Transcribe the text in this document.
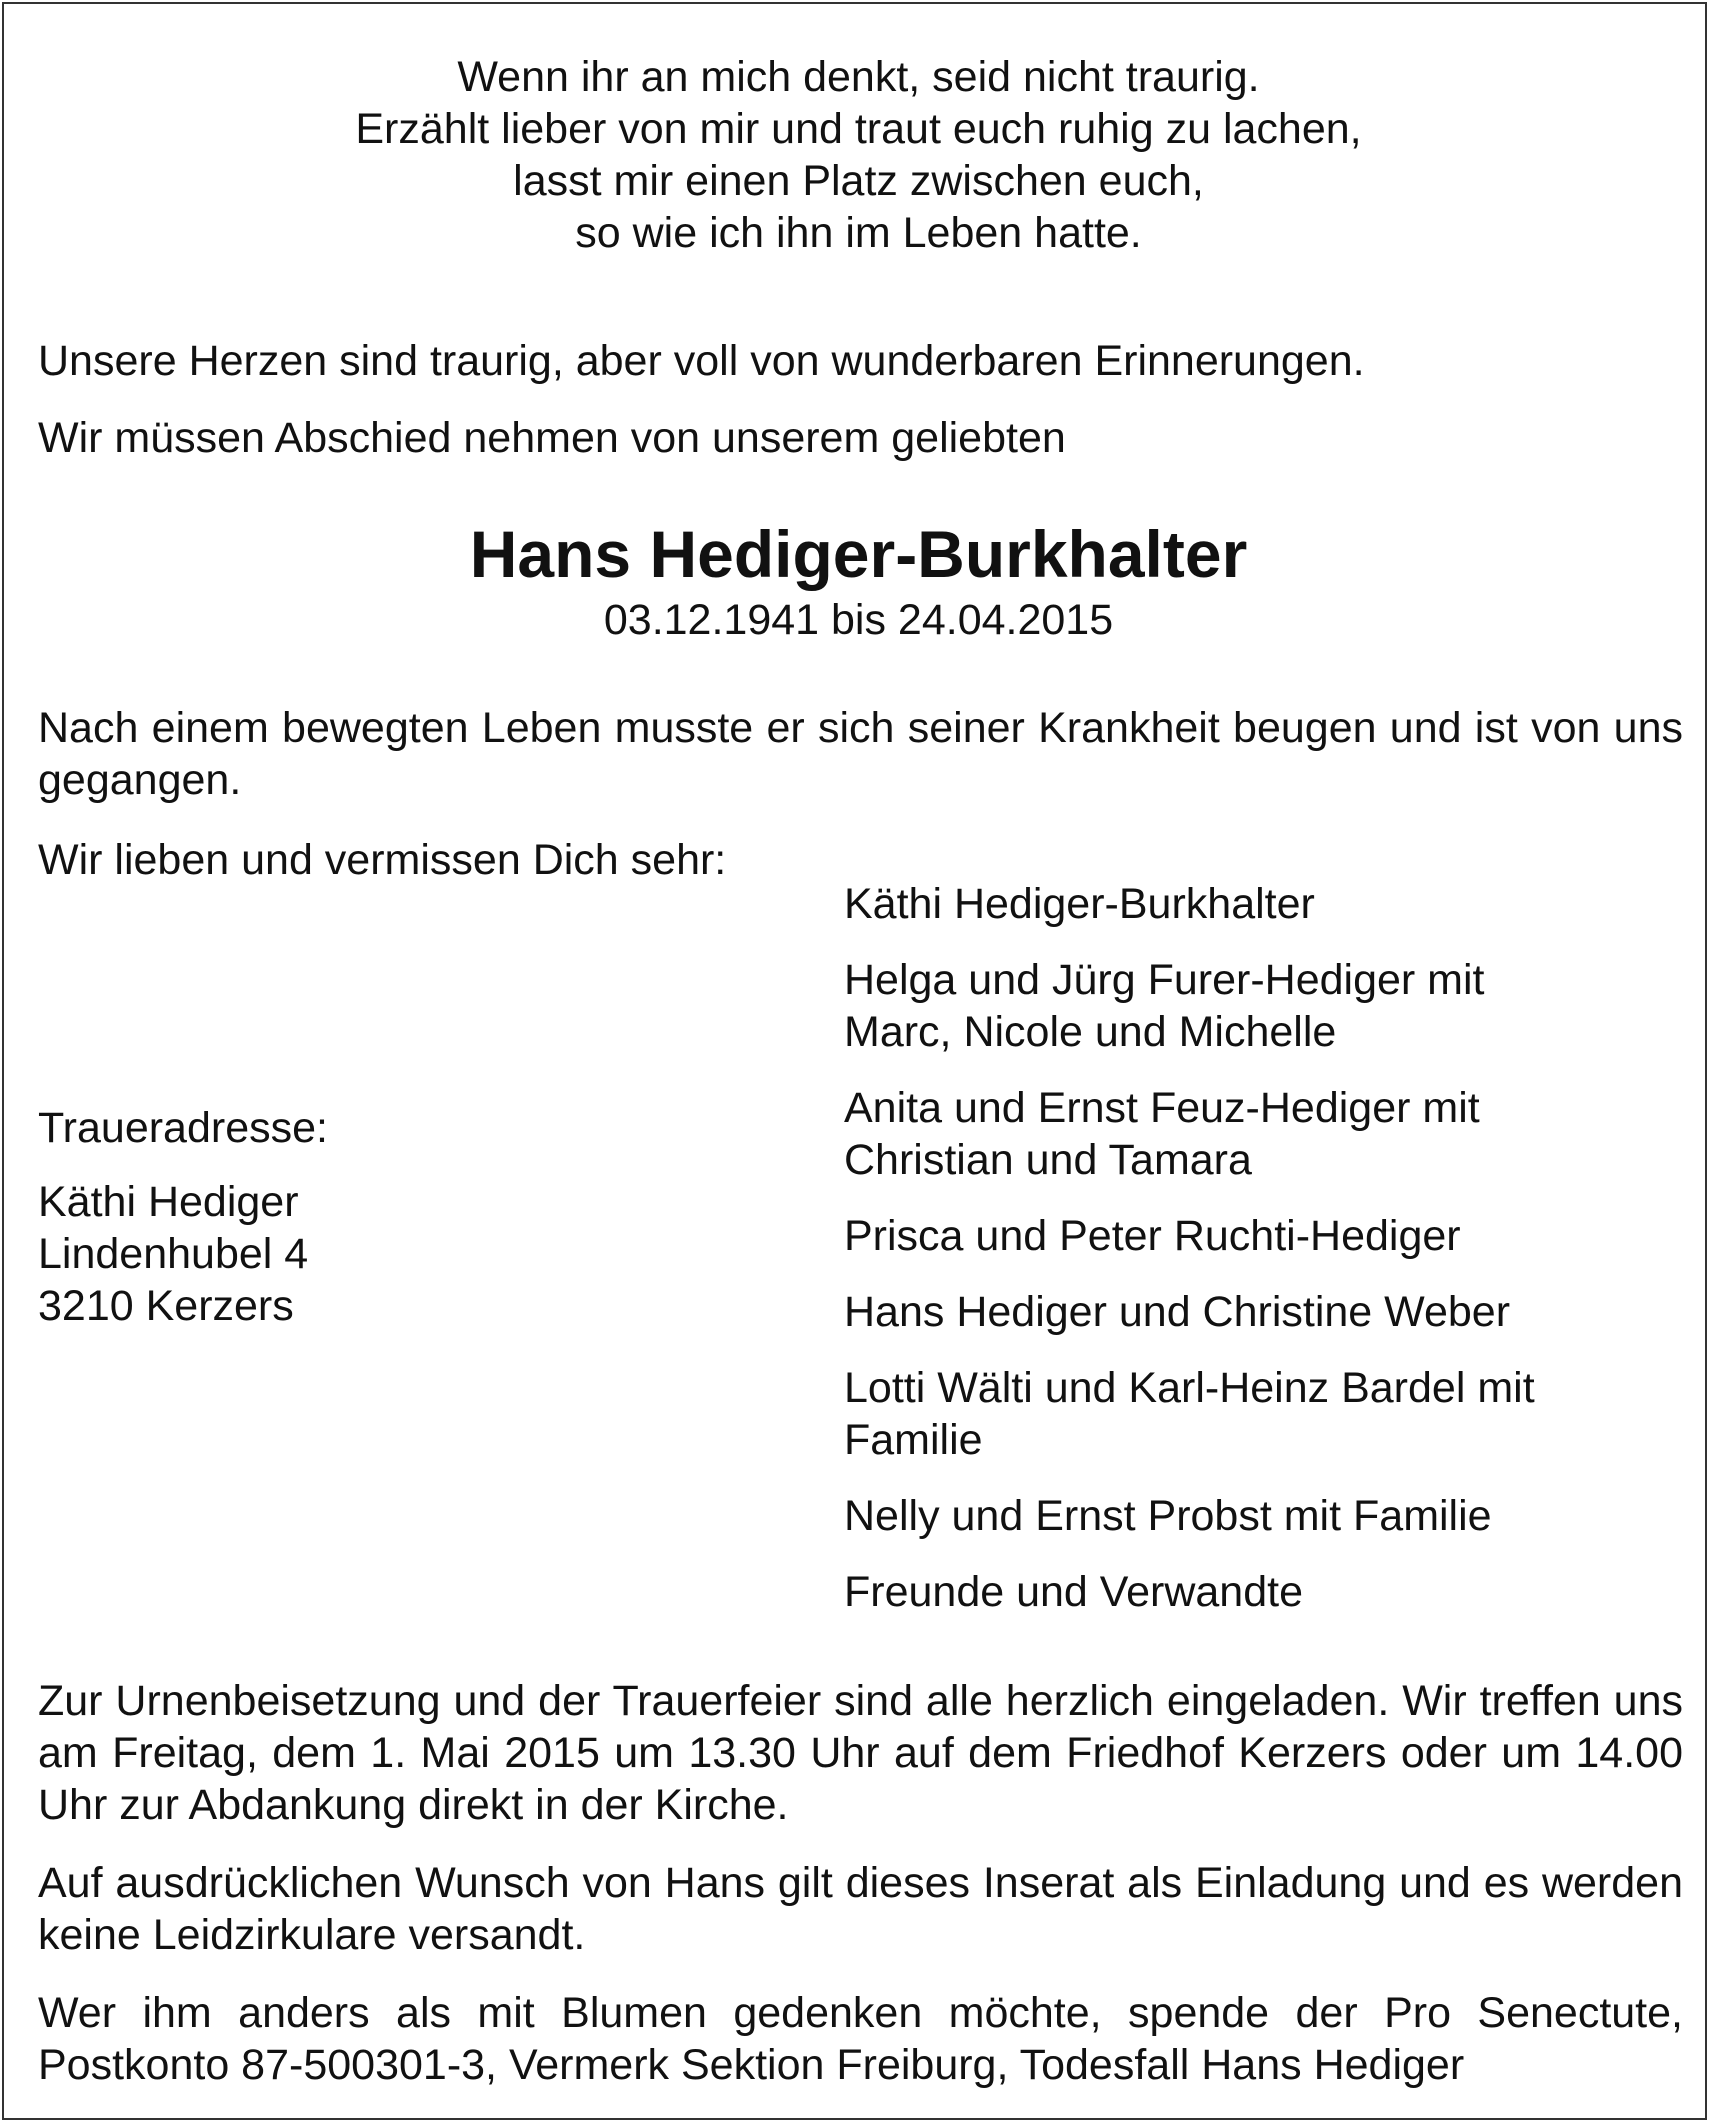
Wenn ihr an mich denkt, seid nicht traurig.
Erzählt lieber von mir und traut euch ruhig zu lachen,
lasst mir einen Platz zwischen euch,
so wie ich ihn im Leben hatte.

Unsere Herzen sind traurig, aber voll von wunderbaren Erinnerungen.

Wir müssen Abschied nehmen von unserem geliebten

Hans Hediger-Burkhalter

03.12.1941 bis 24.04.2015

Nach einem bewegten Leben musste er sich seiner Krankheit beugen und ist von uns gegangen.

Wir lieben und vermissen Dich sehr:

Traueradresse:

Käthi Hediger
Lindenhubel 4
3210 Kerzers
Käthi Hediger-Burkhalter
Helga und Jürg Furer-Hediger mit
Marc, Nicole und Michelle
Anita und Ernst Feuz-Hediger mit
Christian und Tamara
Prisca und Peter Ruchti-Hediger
Hans Hediger und Christine Weber
Lotti Wälti und Karl-Heinz Bardel mit
Familie
Nelly und Ernst Probst mit Familie
Freunde und Verwandte

Zur Urnenbeisetzung und der Trauerfeier sind alle herzlich eingeladen. Wir treffen uns am Freitag, dem 1. Mai 2015 um 13.30 Uhr auf dem Friedhof Kerzers oder um 14.00 Uhr zur Abdankung direkt in der Kirche.

Auf ausdrücklichen Wunsch von Hans gilt dieses Inserat als Einladung und es werden keine Leidzirkulare versandt.

Wer ihm anders als mit Blumen gedenken möchte, spende der Pro Senectute, Postkonto 87-500301-3, Vermerk Sektion Freiburg, Todesfall Hans Hediger
